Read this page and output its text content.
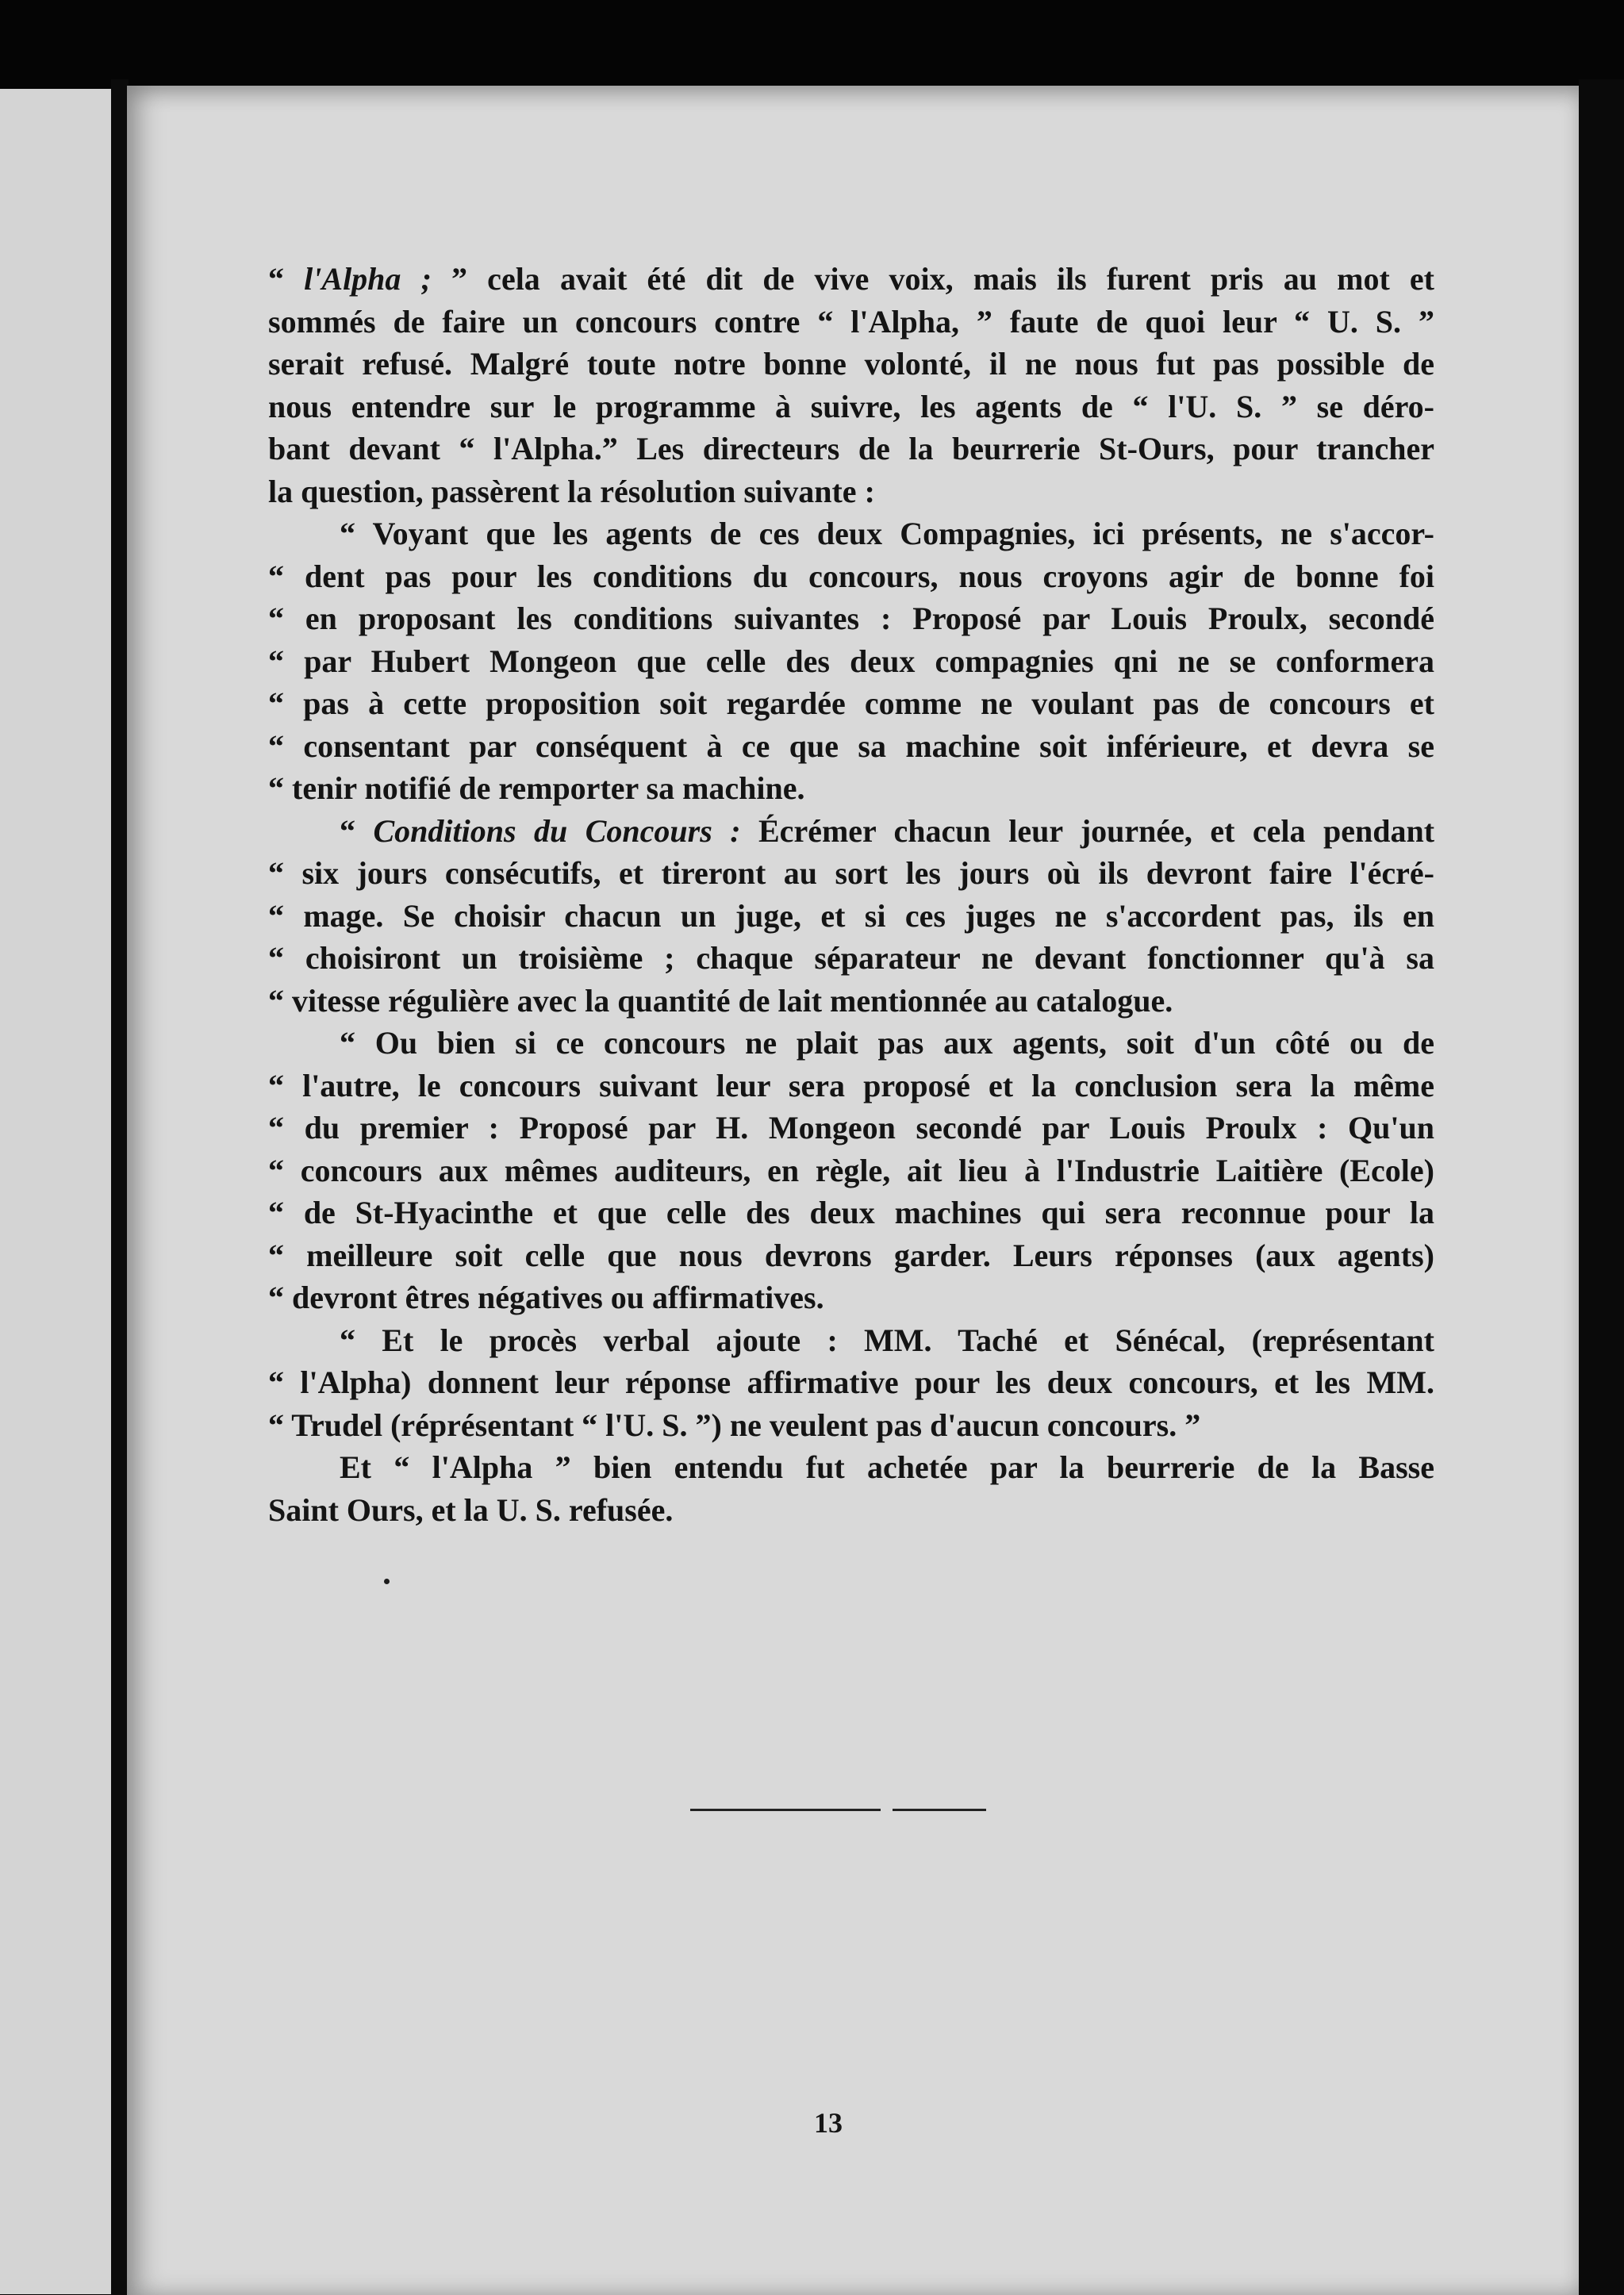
“ l'Alpha ; ” cela avait été dit de vive voix, mais ils furent pris au mot et
sommés de faire un concours contre “ l'Alpha, ” faute de quoi leur “ U. S. ”
serait refusé. Malgré toute notre bonne volonté, il ne nous fut pas possible de
nous entendre sur le programme à suivre, les agents de “ l'U. S. ” se déro-
bant devant “ l'Alpha.” Les directeurs de la beurrerie St-Ours, pour trancher
la question, passèrent la résolution suivante :
“ Voyant que les agents de ces deux Compagnies, ici présents, ne s'accor-
“ dent pas pour les conditions du concours, nous croyons agir de bonne foi
“ en proposant les conditions suivantes : Proposé par Louis Proulx, secondé
“ par Hubert Mongeon que celle des deux compagnies qni ne se conformera
“ pas à cette proposition soit regardée comme ne voulant pas de concours et
“ consentant par conséquent à ce que sa machine soit inférieure, et devra se
“ tenir notifié de remporter sa machine.
“ Conditions du Concours : Écrémer chacun leur journée, et cela pendant
“ six jours consécutifs, et tireront au sort les jours où ils devront faire l'écré-
“ mage. Se choisir chacun un juge, et si ces juges ne s'accordent pas, ils en
“ choisiront un troisième ; chaque séparateur ne devant fonctionner qu'à sa
“ vitesse régulière avec la quantité de lait mentionnée au catalogue.
“ Ou bien si ce concours ne plait pas aux agents, soit d'un côté ou de
“ l'autre, le concours suivant leur sera proposé et la conclusion sera la même
“ du premier : Proposé par H. Mongeon secondé par Louis Proulx : Qu'un
“ concours aux mêmes auditeurs, en règle, ait lieu à l'Industrie Laitière (Ecole)
“ de St-Hyacinthe et que celle des deux machines qui sera reconnue pour la
“ meilleure soit celle que nous devrons garder. Leurs réponses (aux agents)
“ devront êtres négatives ou affirmatives.
“ Et le procès verbal ajoute : MM. Taché et Sénécal, (représentant
“ l'Alpha) donnent leur réponse affirmative pour les deux concours, et les MM.
“ Trudel (réprésentant “ l'U. S. ”) ne veulent pas d'aucun concours. ”
Et “ l'Alpha ” bien entendu fut achetée par la beurrerie de la Basse
Saint Ours, et la U. S. refusée.
13
